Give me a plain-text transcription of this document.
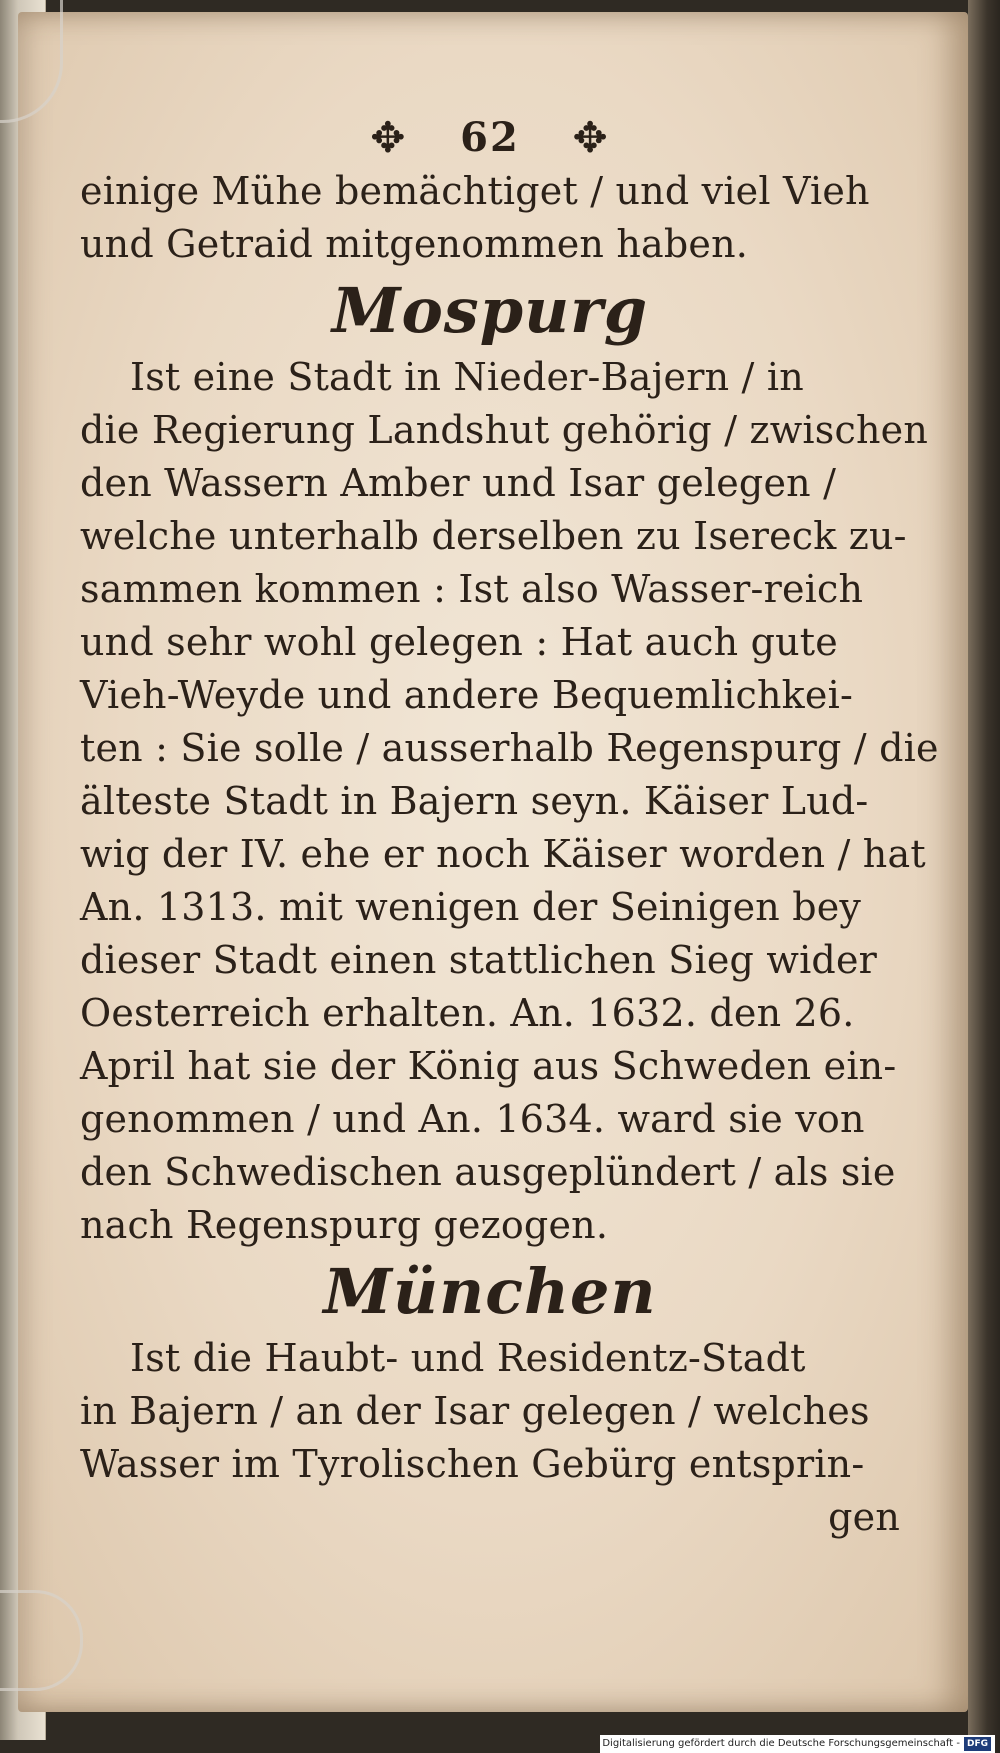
✥ 62 ✥
einige Mühe bemächtiget / und viel Vieh
und Getraid mitgenommen haben.
Mospurg
Ist eine Stadt in Nieder-Bajern / in
die Regierung Landshut gehörig / zwischen
den Wassern Amber und Isar gelegen /
welche unterhalb derselben zu Isereck zu-
sammen kommen : Ist also Wasser-reich
und sehr wohl gelegen : Hat auch gute
Vieh-Weyde und andere Bequemlichkei-
ten : Sie solle / ausserhalb Regenspurg / die
älteste Stadt in Bajern seyn. Käiser Lud-
wig der IV. ehe er noch Käiser worden / hat
An. 1313. mit wenigen der Seinigen bey
dieser Stadt einen stattlichen Sieg wider
Oesterreich erhalten. An. 1632. den 26.
April hat sie der König aus Schweden ein-
genommen / und An. 1634. ward sie von
den Schwedischen ausgeplündert / als sie
nach Regenspurg gezogen.
München
Ist die Haubt- und Residentz-Stadt
in Bajern / an der Isar gelegen / welches
Wasser im Tyrolischen Gebürg entsprin-
gen
Digitalisierung gefördert durch die Deutsche Forschungsgemeinschaft - DFG
